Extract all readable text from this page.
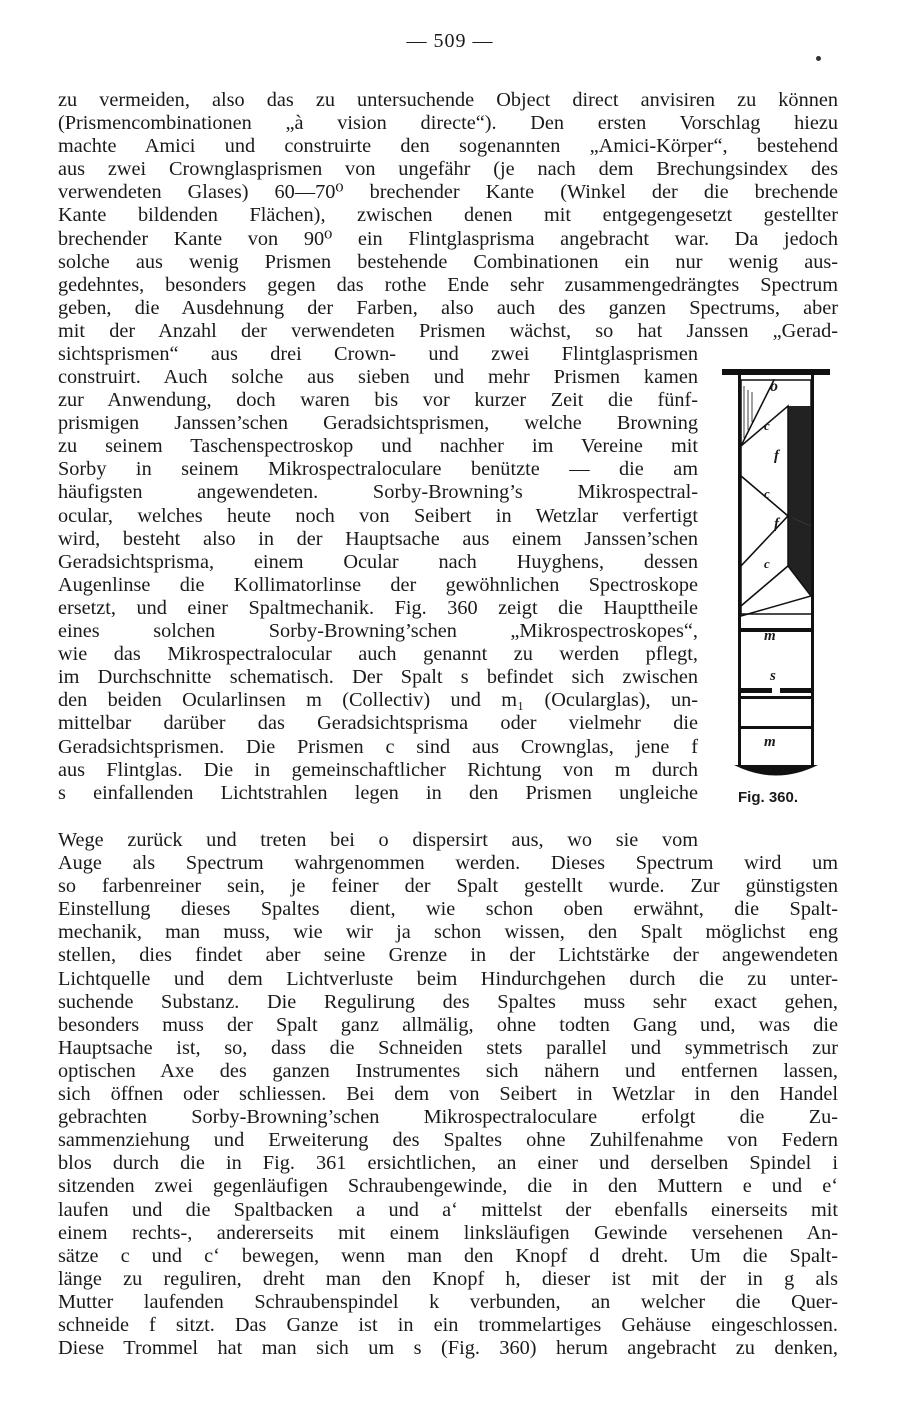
— 509 —
zu vermeiden, also das zu untersuchende Object direct anvisiren zu können
(Prismencombinationen „à vision directe“). Den ersten Vorschlag hiezu
machte Amici und construirte den sogenannten „Amici-Körper“, bestehend
aus zwei Crownglasprismen von ungefähr (je nach dem Brechungsindex des
verwendeten Glases) 60—70⁰ brechender Kante (Winkel der die brechende
Kante bildenden Flächen), zwischen denen mit entgegengesetzt gestellter
brechender Kante von 90⁰ ein Flintglasprisma angebracht war. Da jedoch
solche aus wenig Prismen bestehende Combinationen ein nur wenig aus-
gedehntes, besonders gegen das rothe Ende sehr zusammengedrängtes Spectrum
geben, die Ausdehnung der Farben, also auch des ganzen Spectrums, aber
mit der Anzahl der verwendeten Prismen wächst, so hat Janssen „Gerad-
sichtsprismen“ aus drei Crown- und zwei Flintglasprismen
construirt. Auch solche aus sieben und mehr Prismen kamen
zur Anwendung, doch waren bis vor kurzer Zeit die fünf-
prismigen Janssen’schen Geradsichtsprismen, welche Browning
zu seinem Taschenspectroskop und nachher im Vereine mit
Sorby in seinem Mikrospectraloculare benützte — die am
häufigsten angewendeten. Sorby-Browning’s Mikrospectral-
ocular, welches heute noch von Seibert in Wetzlar verfertigt
wird, besteht also in der Hauptsache aus einem Janssen’schen
Geradsichtsprisma, einem Ocular nach Huyghens, dessen
Augenlinse die Kollimatorlinse der gewöhnlichen Spectroskope
ersetzt, und einer Spaltmechanik. Fig. 360 zeigt die Haupttheile
eines solchen Sorby-Browning’schen „Mikrospectroskopes“,
wie das Mikrospectralocular auch genannt zu werden pflegt,
im Durchschnitte schematisch. Der Spalt s befindet sich zwischen
den beiden Ocularlinsen m (Collectiv) und m₁ (Ocularglas), un-
mittelbar darüber das Geradsichtsprisma oder vielmehr die
Geradsichtsprismen. Die Prismen c sind aus Crownglas, jene f
aus Flintglas. Die in gemeinschaftlicher Richtung von m durch
s einfallenden Lichtstrahlen legen in den Prismen ungleiche
o
c
f
c
f
c
m
s
m
Fig. 360.
Wege zurück und treten bei o dispersirt aus, wo sie vom
Auge als Spectrum wahrgenommen werden. Dieses Spectrum wird um
so farbenreiner sein, je feiner der Spalt gestellt wurde. Zur günstigsten
Einstellung dieses Spaltes dient, wie schon oben erwähnt, die Spalt-
mechanik, man muss, wie wir ja schon wissen, den Spalt möglichst eng
stellen, dies findet aber seine Grenze in der Lichtstärke der angewendeten
Lichtquelle und dem Lichtverluste beim Hindurchgehen durch die zu unter-
suchende Substanz. Die Regulirung des Spaltes muss sehr exact gehen,
besonders muss der Spalt ganz allmälig, ohne todten Gang und, was die
Hauptsache ist, so, dass die Schneiden stets parallel und symmetrisch zur
optischen Axe des ganzen Instrumentes sich nähern und entfernen lassen,
sich öffnen oder schliessen. Bei dem von Seibert in Wetzlar in den Handel
gebrachten Sorby-Browning’schen Mikrospectraloculare erfolgt die Zu-
sammenziehung und Erweiterung des Spaltes ohne Zuhilfenahme von Federn
blos durch die in Fig. 361 ersichtlichen, an einer und derselben Spindel i
sitzenden zwei gegenläufigen Schraubengewinde, die in den Muttern e und e‘
laufen und die Spaltbacken a und a‘ mittelst der ebenfalls einerseits mit
einem rechts-, andererseits mit einem linksläufigen Gewinde versehenen An-
sätze c und c‘ bewegen, wenn man den Knopf d dreht. Um die Spalt-
länge zu reguliren, dreht man den Knopf h, dieser ist mit der in g als
Mutter laufenden Schraubenspindel k verbunden, an welcher die Quer-
schneide f sitzt. Das Ganze ist in ein trommelartiges Gehäuse eingeschlossen.
Diese Trommel hat man sich um s (Fig. 360) herum angebracht zu denken,
